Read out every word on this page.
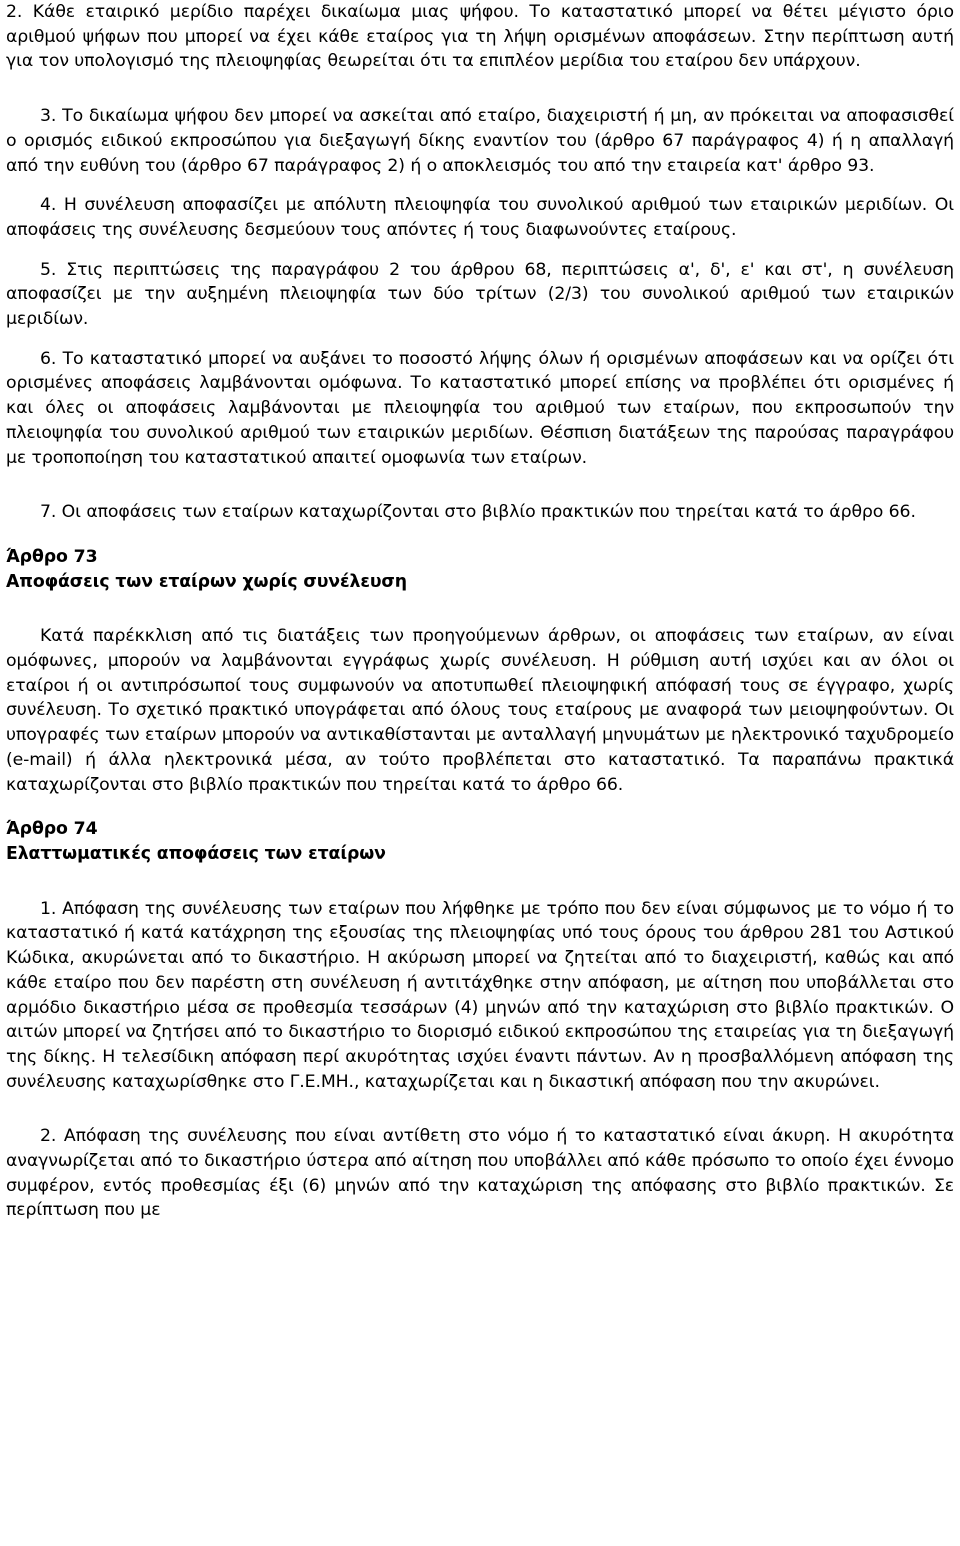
2. Κάθε εταιρικό μερίδιο παρέχει δικαίωμα μιας ψήφου. Το καταστατικό μπορεί να θέτει μέγιστο όριο αριθμού ψήφων που μπορεί να έχει κάθε εταίρος για τη λήψη ορισμένων αποφάσεων. Στην περίπτωση αυτή για τον υπολογισμό της πλειοψηφίας θεωρείται ότι τα επιπλέον μερίδια του εταίρου δεν υπάρχουν.

3. Το δικαίωμα ψήφου δεν μπορεί να ασκείται από εταίρο, διαχειριστή ή μη, αν πρόκειται να αποφασισθεί ο ορισμός ειδικού εκπροσώπου για διεξαγωγή δίκης εναντίον του (άρθρο 67 παράγραφος 4) ή η απαλλαγή από την ευθύνη του (άρθρο 67 παράγραφος 2) ή ο αποκλεισμός του από την εταιρεία κατ' άρθρο 93.

4. Η συνέλευση αποφασίζει με απόλυτη πλειοψηφία του συνολικού αριθμού των εταιρικών μεριδίων. Οι αποφάσεις της συνέλευσης δεσμεύουν τους απόντες ή τους διαφωνούντες εταίρους.

5. Στις περιπτώσεις της παραγράφου 2 του άρθρου 68, περιπτώσεις α', δ', ε' και στ', η συνέλευση αποφασίζει με την αυξημένη πλειοψηφία των δύο τρίτων (2/3) του συνολικού αριθμού των εταιρικών μεριδίων.

6. Το καταστατικό μπορεί να αυξάνει το ποσοστό λήψης όλων ή ορισμένων αποφάσεων και να ορίζει ότι ορισμένες αποφάσεις λαμβάνονται ομόφωνα. Το καταστατικό μπορεί επίσης να προβλέπει ότι ορισμένες ή και όλες οι αποφάσεις λαμβάνονται με πλειοψηφία του αριθμού των εταίρων, που εκπροσωπούν την πλειοψηφία του συνολικού αριθμού των εταιρικών μεριδίων. Θέσπιση διατάξεων της παρούσας παραγράφου με τροποποίηση του καταστατικού απαιτεί ομοφωνία των εταίρων.

7. Οι αποφάσεις των εταίρων καταχωρίζονται στο βιβλίο πρακτικών που τηρείται κατά το άρθρο 66.

Άρθρο 73
Αποφάσεις των εταίρων χωρίς συνέλευση

Κατά παρέκκλιση από τις διατάξεις των προηγούμενων άρθρων, οι αποφάσεις των εταίρων, αν είναι ομόφωνες, μπορούν να λαμβάνονται εγγράφως χωρίς συνέλευση. Η ρύθμιση αυτή ισχύει και αν όλοι οι εταίροι ή οι αντιπρόσωποί τους συμφωνούν να αποτυπωθεί πλειοψηφική απόφασή τους σε έγγραφο, χωρίς συνέλευση. Το σχετικό πρακτικό υπογράφεται από όλους τους εταίρους με αναφορά των μειοψηφούντων. Οι υπογραφές των εταίρων μπορούν να αντικαθίστανται με ανταλλαγή μηνυμάτων με ηλεκτρονικό ταχυδρομείο (e-mail) ή άλλα ηλεκτρονικά μέσα, αν τούτο προβλέπεται στο καταστατικό. Τα παραπάνω πρακτικά καταχωρίζονται στο βιβλίο πρακτικών που τηρείται κατά το άρθρο 66.

Άρθρο 74
Ελαττωματικές αποφάσεις των εταίρων

1. Απόφαση της συνέλευσης των εταίρων που λήφθηκε με τρόπο που δεν είναι σύμφωνος με το νόμο ή το καταστατικό ή κατά κατάχρηση της εξουσίας της πλειοψηφίας υπό τους όρους του άρθρου 281 του Αστικού Κώδικα, ακυρώνεται από το δικαστήριο. Η ακύρωση μπορεί να ζητείται από το διαχειριστή, καθώς και από κάθε εταίρο που δεν παρέστη στη συνέλευση ή αντιτάχθηκε στην απόφαση, με αίτηση που υποβάλλεται στο αρμόδιο δικαστήριο μέσα σε προθεσμία τεσσάρων (4) μηνών από την καταχώριση στο βιβλίο πρακτικών. Ο αιτών μπορεί να ζητήσει από το δικαστήριο το διορισμό ειδικού εκπροσώπου της εταιρείας για τη διεξαγωγή της δίκης. Η τελεσίδικη απόφαση περί ακυρότητας ισχύει έναντι πάντων. Αν η προσβαλλόμενη απόφαση της συνέλευσης καταχωρίσθηκε στο Γ.Ε.ΜΗ., καταχωρίζεται και η δικαστική απόφαση που την ακυρώνει.

2. Απόφαση της συνέλευσης που είναι αντίθετη στο νόμο ή το καταστατικό είναι άκυρη. Η ακυρότητα αναγνωρίζεται από το δικαστήριο ύστερα από αίτηση που υποβάλλει από κάθε πρόσωπο το οποίο έχει έννομο συμφέρον, εντός προθεσμίας έξι (6) μηνών από την καταχώριση της απόφασης στο βιβλίο πρακτικών. Σε περίπτωση που με
